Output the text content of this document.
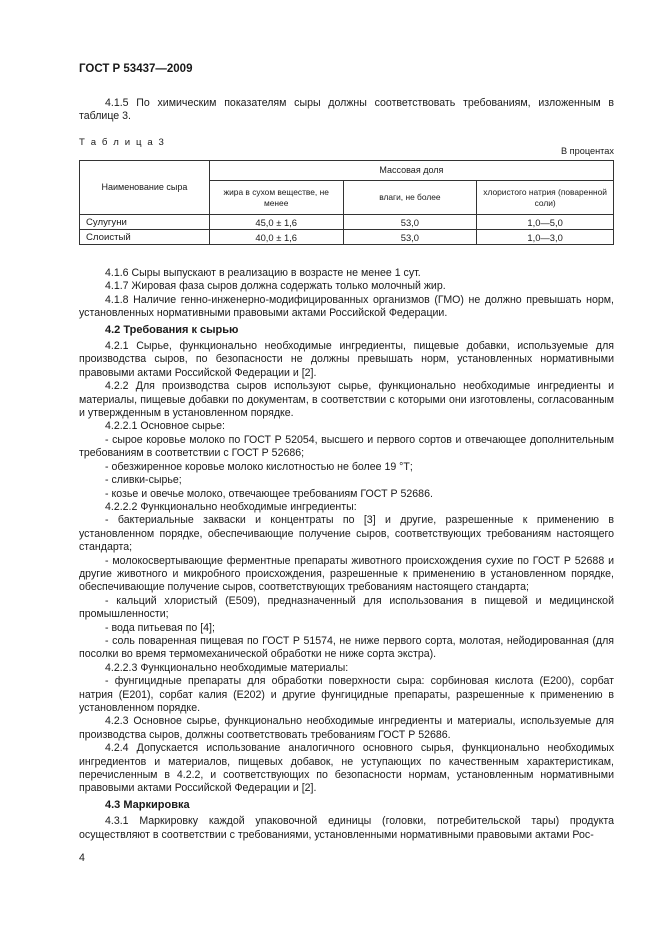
ГОСТ Р 53437—2009

4.1.5 По химическим показателям сыры должны соответствовать требованиям, изложенным в таблице 3.

Т а б л и ц а 3
В процентах
Наименование сыра	Массовая доля		
	жира в сухом веществе, не менее	влаги, не более	хлористого натрия (поваренной соли)
Сулугуни	45,0 ± 1,6	53,0	1,0—5,0
Слоистый	40,0 ± 1,6	53,0	1,0—3,0

4.1.6 Сыры выпускают в реализацию в возрасте не менее 1 сут.

4.1.7 Жировая фаза сыров должна содержать только молочный жир.

4.1.8 Наличие генно-инженерно-модифицированных организмов (ГМО) не должно превышать норм, установленных нормативными правовыми актами Российской Федерации.

4.2 Требования к сырью

4.2.1 Сырье, функционально необходимые ингредиенты, пищевые добавки, используемые для производства сыров, по безопасности не должны превышать норм, установленных нормативными правовыми актами Российской Федерации и [2].

4.2.2 Для производства сыров используют сырье, функционально необходимые ингредиенты и материалы, пищевые добавки по документам, в соответствии с которыми они изготовлены, согласованным и утвержденным в установленном порядке.

4.2.2.1 Основное сырье:

- сырое коровье молоко по ГОСТ Р 52054, высшего и первого сортов и отвечающее дополнительным требованиям в соответствии с ГОСТ Р 52686;

- обезжиренное коровье молоко кислотностью не более 19 °Т;

- сливки-сырье;

- козье и овечье молоко, отвечающее требованиям ГОСТ Р 52686.

4.2.2.2 Функционально необходимые ингредиенты:

- бактериальные закваски и концентраты по [3] и другие, разрешенные к применению в установленном порядке, обеспечивающие получение сыров, соответствующих требованиям настоящего стандарта;

- молокосвертывающие ферментные препараты животного происхождения сухие по ГОСТ Р 52688 и другие животного и микробного происхождения, разрешенные к применению в установленном порядке, обеспечивающие получение сыров, соответствующих требованиям настоящего стандарта;

- кальций хлористый (Е509), предназначенный для использования в пищевой и медицинской промышленности;

- вода питьевая по [4];

- соль поваренная пищевая по ГОСТ Р 51574, не ниже первого сорта, молотая, нейодированная (для посолки во время термомеханической обработки не ниже сорта экстра).

4.2.2.3 Функционально необходимые материалы:

- фунгицидные препараты для обработки поверхности сыра: сорбиновая кислота (Е200), сорбат натрия (Е201), сорбат калия (Е202) и другие фунгицидные препараты, разрешенные к применению в установленном порядке.

4.2.3 Основное сырье, функционально необходимые ингредиенты и материалы, используемые для производства сыров, должны соответствовать требованиям ГОСТ Р 52686.

4.2.4 Допускается использование аналогичного основного сырья, функционально необходимых ингредиентов и материалов, пищевых добавок, не уступающих по качественным характеристикам, перечисленным в 4.2.2, и соответствующих по безопасности нормам, установленным нормативными правовыми актами Российской Федерации и [2].

4.3 Маркировка

4.3.1 Маркировку каждой упаковочной единицы (головки, потребительской тары) продукта осуществляют в соответствии с требованиями, установленными нормативными правовыми актами Рос-

4
